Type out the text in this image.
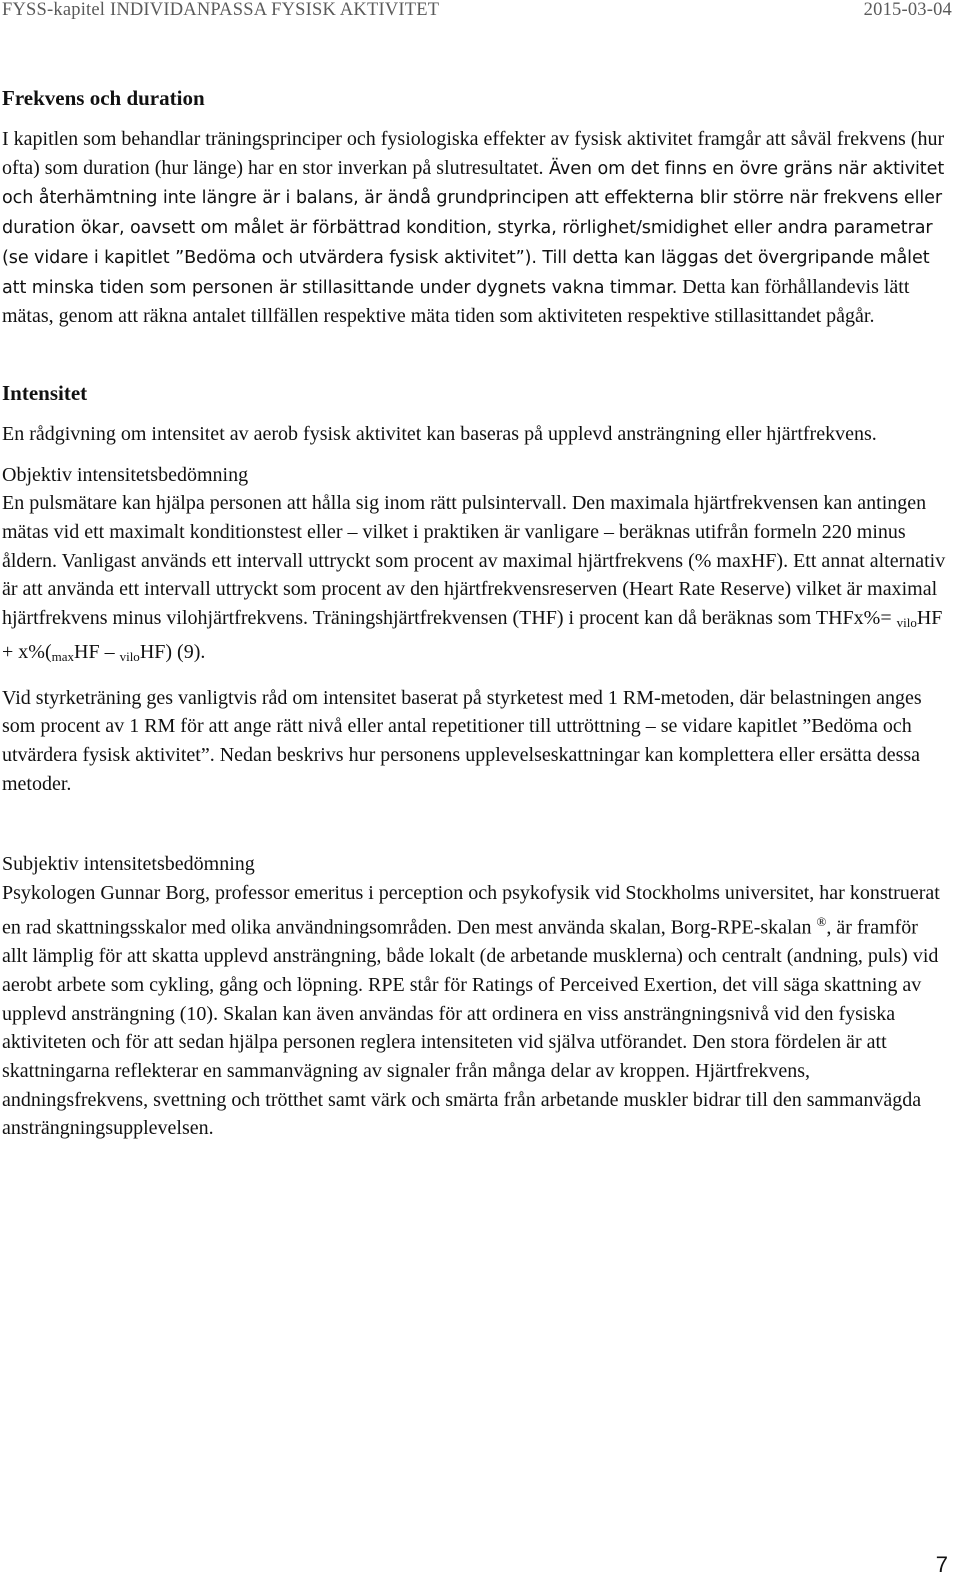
FYSS-kapitel INDIVIDANPASSA FYSISK AKTIVITET	2015-03-04
Frekvens och duration

I kapitlen som behandlar träningsprinciper och fysiologiska effekter av fysisk aktivitet framgår att såväl frekvens (hur ofta) som duration (hur länge) har en stor inverkan på slutresultatet. Även om det finns en övre gräns när aktivitet och återhämtning inte längre är i balans, är ändå grundprincipen att effekterna blir större när frekvens eller duration ökar, oavsett om målet är förbättrad kondition, styrka, rörlighet/smidighet eller andra parametrar (se vidare i kapitlet ”Bedöma och utvärdera fysisk aktivitet”). Till detta kan läggas det övergripande målet att minska tiden som personen är stillasittande under dygnets vakna timmar. Detta kan förhållandevis lätt mätas, genom att räkna antalet tillfällen respektive mäta tiden som aktiviteten respektive stillasittandet pågår.

Intensitet

En rådgivning om intensitet av aerob fysisk aktivitet kan baseras på upplevd ansträngning eller hjärtfrekvens.

Objektiv intensitetsbedömning

En pulsmätare kan hjälpa personen att hålla sig inom rätt pulsintervall. Den maximala hjärtfrekvensen kan antingen mätas vid ett maximalt konditionstest eller – vilket i praktiken är vanligare – beräknas utifrån formeln 220 minus åldern. Vanligast används ett intervall uttryckt som procent av maximal hjärtfrekvens (% maxHF). Ett annat alternativ är att använda ett intervall uttryckt som procent av den hjärtfrekvensreserven (Heart Rate Reserve) vilket är maximal hjärtfrekvens minus vilohjärtfrekvens. Träningshjärtfrekvensen (THF) i procent kan då beräknas som THFx%= $_{vilo}HF + x\%(_{max}HF - _{vilo}HF)$ (9).

Vid styrketräning ges vanligtvis råd om intensitet baserat på styrketest med 1 RM-metoden, där belastningen anges som procent av 1 RM för att ange rätt nivå eller antal repetitioner till uttröttning – se vidare kapitlet ”Bedöma och utvärdera fysisk aktivitet”. Nedan beskrivs hur personens upplevelseskattningar kan komplettera eller ersätta dessa metoder.

Subjektiv intensitetsbedömning

Psykologen Gunnar Borg, professor emeritus i perception och psykofysik vid Stockholms universitet, har konstruerat en rad skattningsskalor med olika användningsområden. Den mest använda skalan, Borg-RPE-skalan ®, är framför allt lämplig för att skatta upplevd ansträngning, både lokalt (de arbetande musklerna) och centralt (andning, puls) vid aerobt arbete som cykling, gång och löpning. RPE står för Ratings of Perceived Exertion, det vill säga skattning av upplevd ansträngning (10). Skalan kan även användas för att ordinera en viss ansträngningsnivå vid den fysiska aktiviteten och för att sedan hjälpa personen reglera intensiteten vid själva utförandet. Den stora fördelen är att skattningarna reflekterar en sammanvägning av signaler från många delar av kroppen. Hjärtfrekvens, andningsfrekvens, svettning och trötthet samt värk och smärta från arbetande muskler bidrar till den sammanvägda ansträngningsupplevelsen.

7
